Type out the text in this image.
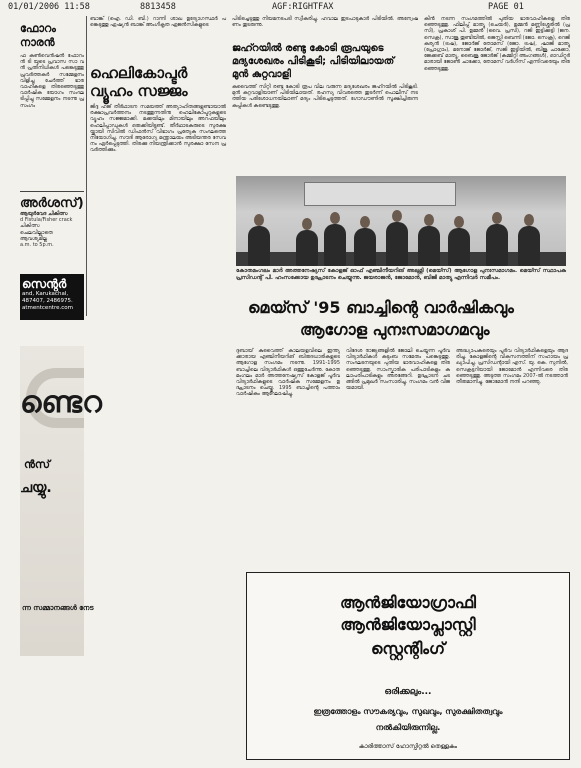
01/01/2006 11:58	8813458	AGF:RIGHTFAX	PAGE 01
ഫോറം
നാരൻ
ഫ കൺവെൻഷൻ ഫോറം ൻ ടി യുടെ പ്രവാസ സാ വൻ പ്രതിനിധികൾ പങ്കെടുത്തു പ്രവർത്തകർ സമ്മേളനം വിളിച്ചു ചേർത്ത് ഭാരവാഹികളെ തിരഞ്ഞെടുത്തു വാർഷിക യോഗം സംഘടിപ്പിച്ചു സമ്മേളനം നടന്നു പ്രസംഗം
അർശസ്)
ആയുർവേദ ചികിത്സ
d Fistula/Fisher crack
ചികിത്സ
ചെലവില്ലാതെ
ആവശ്യമില്ല
a.m. to 5p.m.
സെന്റർ
and, Karukachal,
487407, 2486975.
atmentcentre.com
ണ്ടെറ
ൻസ്
ചയ്യു.
ന്ന സമ്മാനങ്ങൾ നേട
ബാങ്ക് (ഐ. ഡി. ബി.) റാന്നി ശാഖ ഉദ്യോഗസ്ഥർ പങ്കെടുത്തു ഏഷ്യൻ ബാങ്ക് അംഗീകൃത ഏജൻസികളുടെ
ഹെലികോപ്ടർ
വ്യൂഹം സജ്ജം
ജിദ്ദ ഹജ് തീർഥാടന സമയത്ത് അത്യാഹിതങ്ങളുണ്ടായാൽ രക്ഷാപ്രവർത്തനം നടത്തുന്നതിനു ഹെലികോപ്ടറുകളുടെ വ്യൂഹം സജ്ജമാക്കി. മക്കയിലും മിനായിലും അറഫയിലും ഹെലിപ്പാഡുകൾ ഒരുക്കിയിട്ടുണ്ട്. തീർഥാടകരുടെ സുരക്ഷയ്ക്കായി സിവിൽ ഡിഫൻസ് വിഭാഗം പ്രത്യേക സംഘത്തെ നിയോഗിച്ചു. സൗദി ആരോഗ്യ മന്ത്രാലയം അടിയന്തര സേവനം ഏർപ്പെടുത്തി. തിരക്കു നിയന്ത്രിക്കാൻ സുരക്ഷാ സേന പ്രവർത്തിക്കും.
പിടിച്ചെടുത്തു നിയമനടപടി സ്വീകരിച്ചു. ഹവാല ഇടപാടുകാർ പിടിയിൽ. അന്വേഷണം തുടരുന്നു.
ജഹ്റയിൽ രണ്ടു കോടി രൂപയുടെ
മദ്യശേഖരം പിടികൂടി; പിടിയിലായത്
മുൻ കുറ്റവാളി
കുവൈത്ത് സിറ്റി രണ്ടു കോടി രൂപ വില വരുന്ന മദ്യശേഖരം ജഹ്റയിൽ പിടികൂടി. മുൻ കുറ്റവാളിയാണ് പിടിയിലായത്. രഹസ്യ വിവരത്തെ തുടർന്ന് പൊലീസ് നടത്തിയ പരിശോധനയിലാണ് മദ്യം പിടിച്ചെടുത്തത്. ഗോഡൗണിൽ സൂക്ഷിച്ചിരുന്ന കുപ്പികൾ കണ്ടെടുത്തു.
കോതമംഗലം മാർ അത്തനേഷ്യസ് കോളജ് ഓഫ് എഞ്ചിനീയറിങ് അലുമ്നി (മെയ്സ്) ആഗോള പുനഃസമാഗമം. മെയ്സ് സ്ഥാപക പ്രസിഡന്റ് പി. ഹംസക്കോയ ഉദ്ഘാടനം ചെയ്യുന്നു. ജയരാജൻ, ജോമോൻ, ബിജി മാത്യു എന്നിവർ സമീപം.
മെയ്സ് '95 ബാച്ചിന്റെ വാർഷികവും
ആഗോള പുനഃസമാഗമവും
ദുബായ് കുവൈത്ത് കാലയളവിലെ ഇന്ത്യക്കാരായ എഞ്ചിനീയറിങ് ബിരുദധാരികളുടെ ആഗോള സംഗമം നടന്നു. 1991-1995 ബാച്ചിലെ വിദ്യാർഥികൾ ഒത്തുചേർന്നു. കോതമംഗലം മാർ അത്തനേഷ്യസ് കോളജ് പൂർവ വിദ്യാർഥികളുടെ വാർഷിക സമ്മേളനം ഉദ്ഘാടനം ചെയ്തു. 1995 ബാച്ചിന്റെ പത്താം വാർഷികം ആഘോഷിച്ചു.
വിദേശ രാജ്യങ്ങളിൽ ജോലി ചെയ്യുന്ന പൂർവ വിദ്യാർഥികൾ കുടുംബ സമേതം പങ്കെടുത്തു. സംഘടനയുടെ പുതിയ ഭാരവാഹികളെ തിരഞ്ഞെടുത്തു. സാംസ്കാരിക പരിപാടികളും കലാപരിപാടികളും അരങ്ങേറി. ഉദ്ഘാടന ചടങ്ങിൽ പ്രമുഖർ സംസാരിച്ചു. സംഗമം വൻ വിജയമായി.
അദ്ധ്യാപകരെയും പൂർവ വിദ്യാർഥികളെയും ആദരിച്ചു. കോളജിന്റെ വികസനത്തിന് സഹായം പ്രഖ്യാപിച്ചു. പ്രസിഡന്റായി എസ്. യു. കെ. സുനിൽ, സെക്രട്ടറിയായി ജോമോൻ എന്നിവരെ തിരഞ്ഞെടുത്തു. അടുത്ത സംഗമം 2007-ൽ നടത്താൻ തീരുമാനിച്ചു. ജോമോൻ നന്ദി പറഞ്ഞു.
കിൻ നടന്ന സംഗമത്തിൽ പുതിയ ഭാരവാഹികളെ തിരഞ്ഞെടുത്തു. ഫിലിപ്പ് മാത്യു (ചെയർ), ഉമ്മൻ മണ്ണിശ്ശേരിൽ (പ്രസി), പ്രകാശ് പി. ഉമ്മൻ (വൈ. പ്രസി), റജി ഇട്ടിക്കുട്ടി (ജന. സെക്ര), സാജു തുണ്ടിയിൽ, ജെസ്സി ബെന്നി (ജോ. സെക്ര), റെജി കുര്യൻ (ട്രഷ), ജോർജ് തോമസ് (ജോ. ട്രഷ), ഷാജി മാത്യു (പ്രോഗ്രാം), മനോജ് ജോർജ്, സജി ഇട്ടിയിൽ, ബിജു ചാക്കോ, ജേക്കബ് മാത്യു, ബൈജു ജോർജ് (കമ്മിറ്റി അംഗങ്ങൾ), ഓഡിറ്റർമാരായി ജോൺ ചാക്കോ, തോമസ് വർഗീസ് എന്നിവരെയും തിരഞ്ഞെടുത്തു.
ആൻജിയോഗ്രാഫി
ആൻജിയോപ്ലാസ്റ്റി
സ്റ്റെന്റിംഗ്
ഒരിക്കലും...
ഇത്രത്തോളം സൗകര്യവും, സുഖവും, സുരക്ഷിതത്വവും
നൽകിയിരുന്നില്ല.
കാരിത്താസ് ഹോസ്പിറ്റൽ തെള്ളകം
